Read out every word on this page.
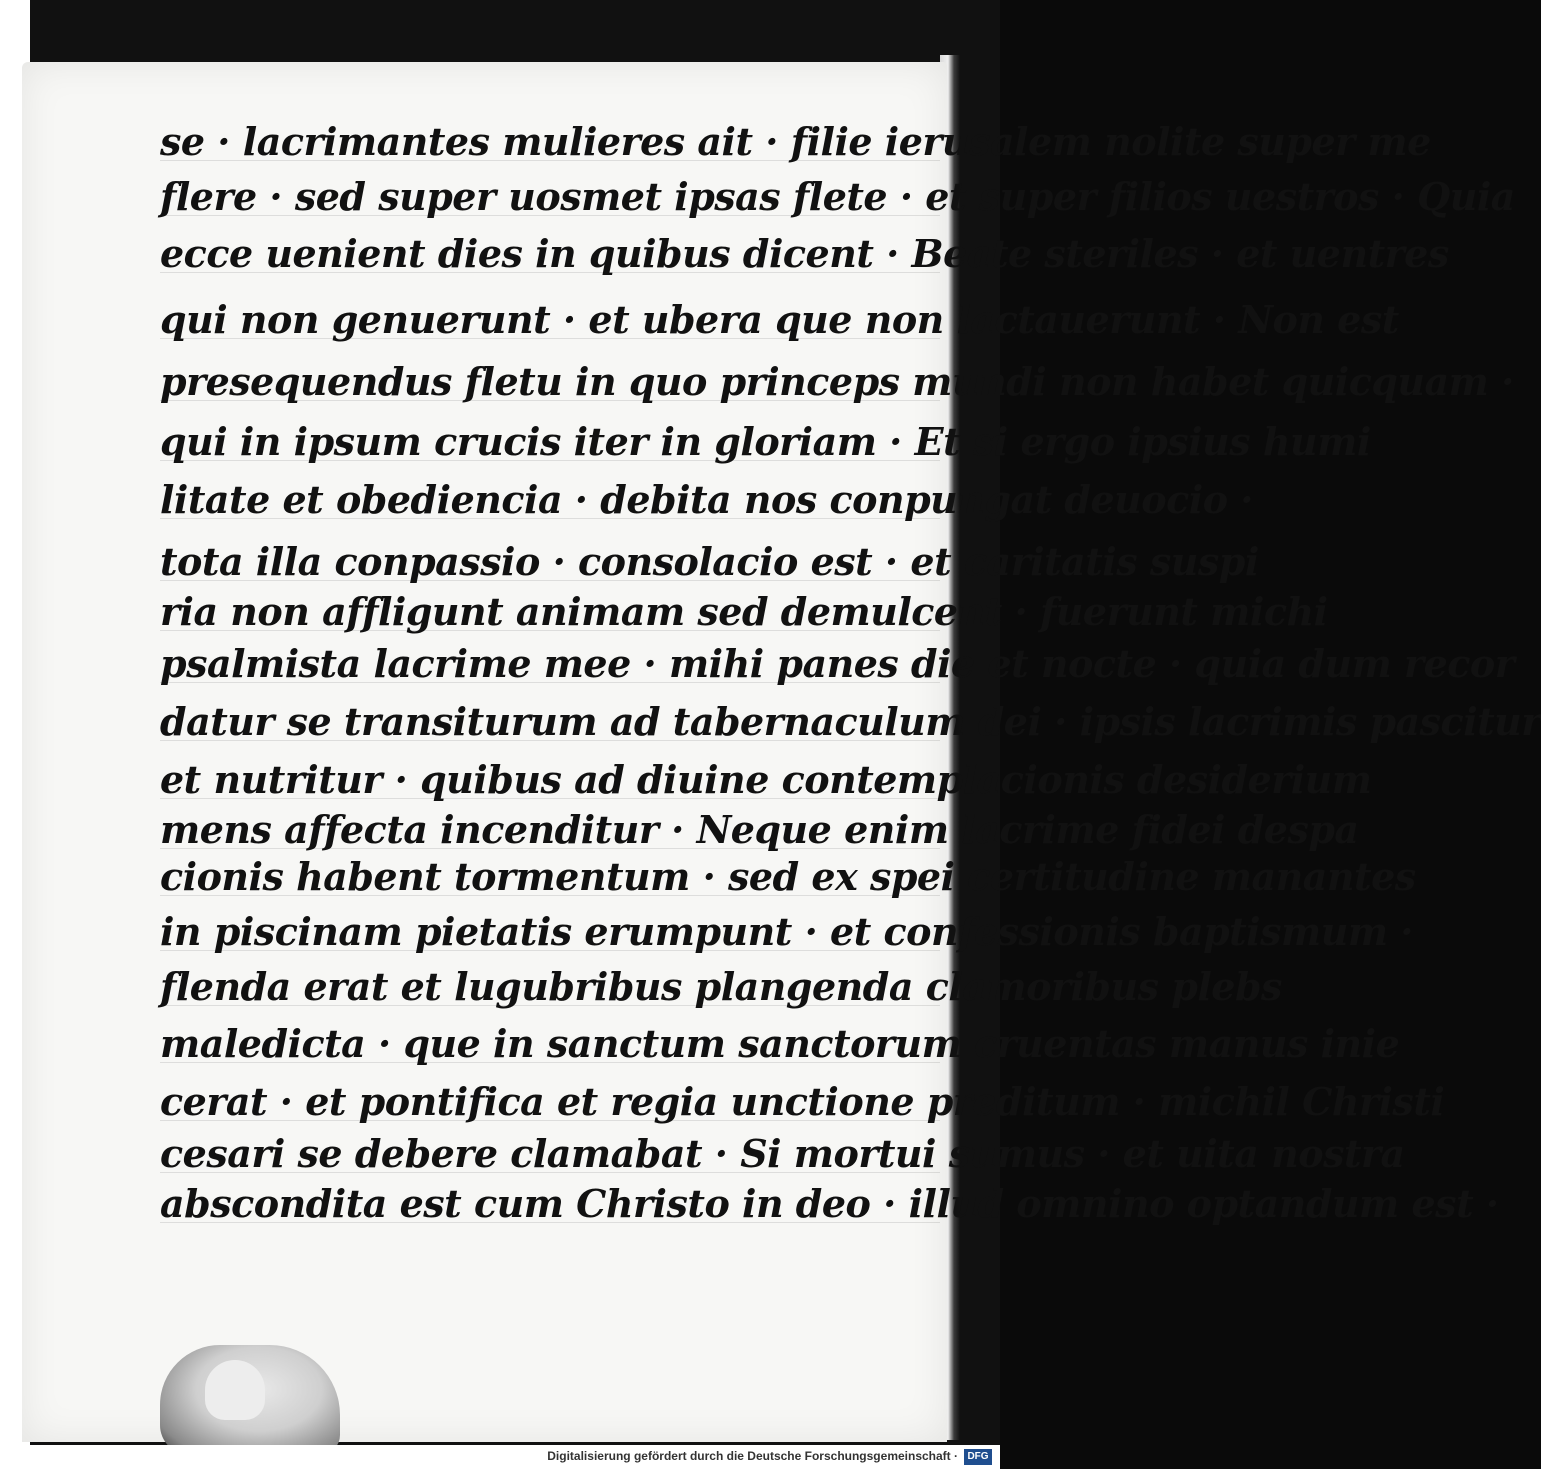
se · lacrimantes mulieres ait · filie ierusalem nolite super me
flere · sed super uosmet ipsas flete · et super filios uestros · Quia
ecce uenient dies in quibus dicent · Beate steriles · et uentres
qui non genuerunt · et ubera que non lactauerunt · Non est
presequendus fletu in quo princeps mundi non habet quicquam ·
qui in ipsum crucis iter in gloriam · Et si ergo ipsius humi
litate et obediencia · debita nos conpungat deuocio ·
tota illa conpassio · consolacio est · et caritatis suspi
ria non affligunt animam sed demulcent · fuerunt michi
psalmista lacrime mee · mihi panes die et nocte · quia dum recor
datur se transiturum ad tabernaculum dei · ipsis lacrimis pascitur
et nutritur · quibus ad diuine contemplacionis desiderium
mens affecta incenditur · Neque enim lacrime fidei despa
cionis habent tormentum · sed ex spei certitudine manantes
in piscinam pietatis erumpunt · et confessionis baptismum ·
flenda erat et lugubribus plangenda clamoribus plebs
maledicta · que in sanctum sanctorum cruentas manus inie
cerat · et pontifica et regia unctione preditum · michil Christi
cesari se debere clamabat · Si mortui sumus · et uita nostra
abscondita est cum Christo in deo · illud omnino optandum est ·
Digitalisierung gefördert durch die Deutsche Forschungsgemeinschaft · DFG
